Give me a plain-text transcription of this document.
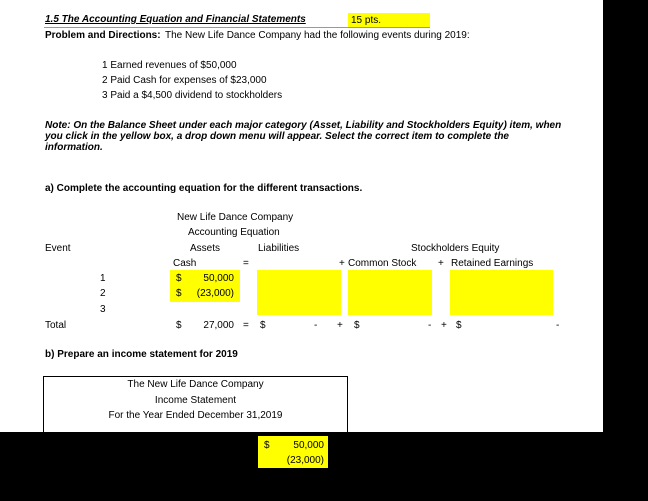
1.5 The Accounting Equation and Financial Statements	15 pts.
Problem and Directions: The New Life Dance Company had the following events during 2019:
1 Earned revenues of $50,000
2 Paid Cash for expenses of $23,000
3 Paid a $4,500 dividend to stockholders
Note: On the Balance Sheet under each major category (Asset, Liability and Stockholders Equity) item, when
you click in the yellow box, a drop down menu will appear. Select the correct item to complete the
information.
a) Complete the accounting equation for the different transactions.
New Life Dance Company
Accounting Equation
Event	Assets	Liabilities	Stockholders Equity
Cash	=	+ Common Stock + Retained Earnings
1	$	50,000
2	$	(23,000)
3
Total	$	27,000 = $	- + $	- + $	-
b) Prepare an income statement for 2019
The New Life Dance Company
Income Statement
For the Year Ended December 31,2019
$	50,000
(23,000)
